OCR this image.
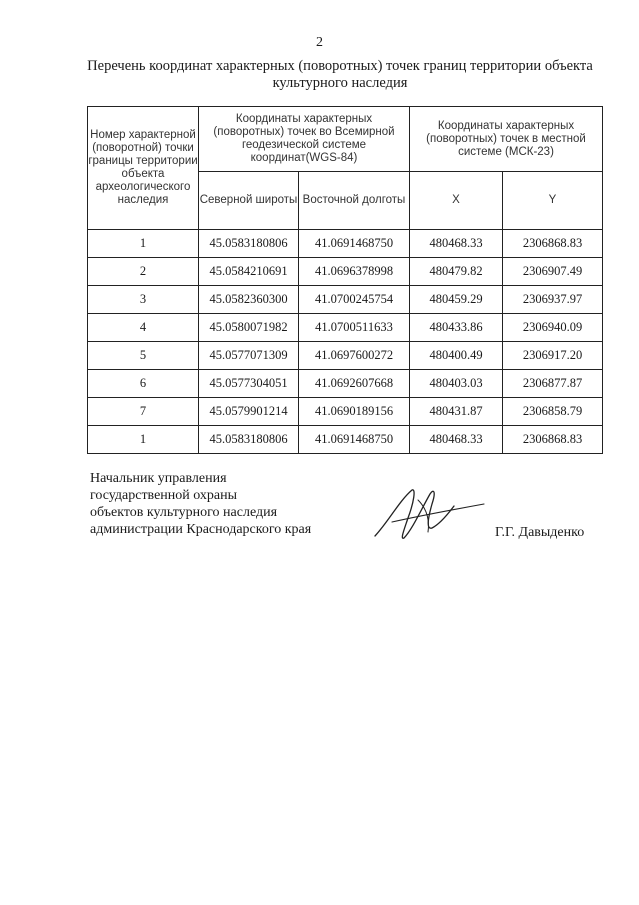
2
Перечень координат характерных (поворотных) точек границ территории объекта культурного наследия
Номер характерной (поворотной) точки границы территории объекта археологического наследия	Координаты характерных (поворотных) точек во Всемирной геодезической системе координат(WGS-84)		Координаты характерных (поворотных) точек в местной системе (МСК-23)	
	Северной широты	Восточной долготы	X	Y
1	45.0583180806	41.0691468750	480468.33	2306868.83
2	45.0584210691	41.0696378998	480479.82	2306907.49
3	45.0582360300	41.0700245754	480459.29	2306937.97
4	45.0580071982	41.0700511633	480433.86	2306940.09
5	45.0577071309	41.0697600272	480400.49	2306917.20
6	45.0577304051	41.0692607668	480403.03	2306877.87
7	45.0579901214	41.0690189156	480431.87	2306858.79
1	45.0583180806	41.0691468750	480468.33	2306868.83
Начальник управления
государственной охраны
объектов культурного наследия
администрации Краснодарского края	Г.Г. Давыденко
